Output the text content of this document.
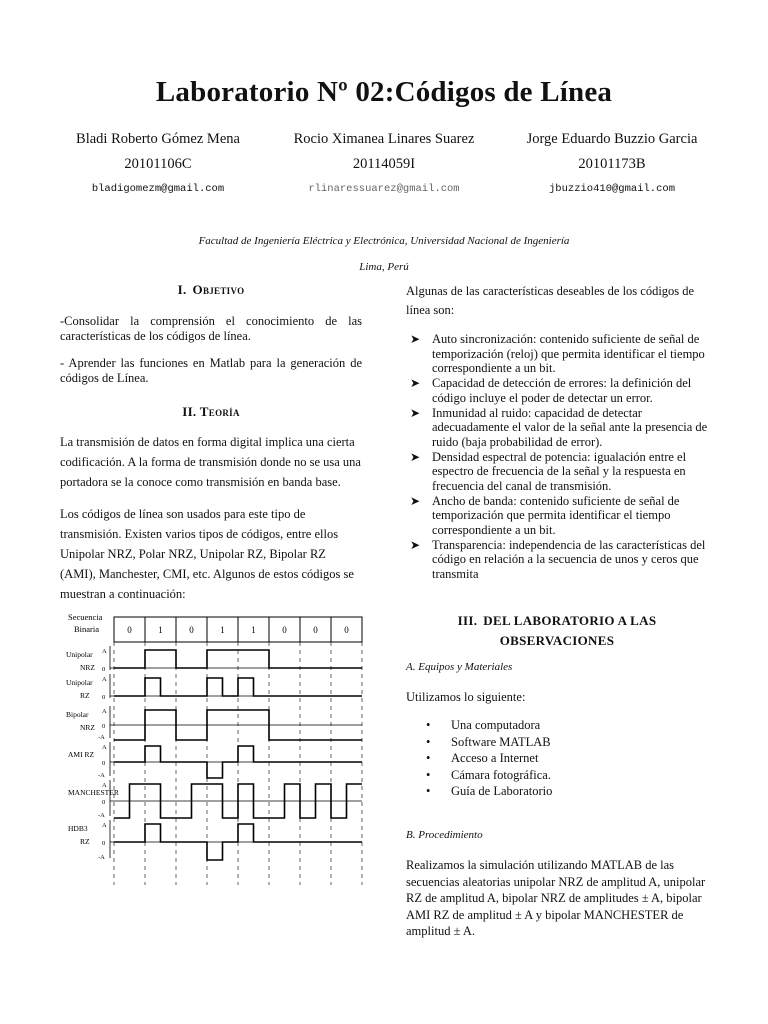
Laboratorio Nº 02:Códigos de Línea
Bladi Roberto Gómez Mena
20101106C
bladigomezm@gmail.com
Rocio Ximanea Linares Suarez
20114059I
rlinaressuarez@gmail.com
Jorge Eduardo Buzzio Garcia
20101173B
jbuzzio410@gmail.com
Facultad de Ingeniería Eléctrica y Electrónica, Universidad Nacional de Ingeniería
Lima, Perú
I. Objetivo

-Consolidar la comprensión el conocimiento de las características de los códigos de línea.

- Aprender las funciones en Matlab para la generación de códigos de Línea.

II. Teoría

La transmisión de datos en forma digital implica una cierta codificación. A la forma de transmisión donde no se usa una portadora se la conoce como transmisión en banda base.

Los códigos de línea son usados para este tipo de transmisión. Existen varios tipos de códigos, entre ellos Unipolar NRZ, Polar NRZ, Unipolar RZ, Bipolar RZ (AMI), Manchester, CMI, etc. Algunos de estos códigos se muestran a continuación:

Secuencia
Binaria	0	1	0	1	1	0	0	0
Unipolar
NRZ
A
0
Unipolar
RZ
A
0
Bipolar
NRZ
A
0
-A
AMI RZ
A
0
-A
MANCHESTER
A
0
-A
HDB3
RZ
A
0
-A

Algunas de las características deseables de los códigos de línea son:

➤ Auto sincronización: contenido suficiente de señal de temporización (reloj) que permita identificar el tiempo correspondiente a un bit.
➤ Capacidad de detección de errores: la definición del código incluye el poder de detectar un error.
➤ Inmunidad al ruido: capacidad de detectar adecuadamente el valor de la señal ante la presencia de ruido (baja probabilidad de error).
➤ Densidad espectral de potencia: igualación entre el espectro de frecuencia de la señal y la respuesta en frecuencia del canal de transmisión.
➤ Ancho de banda: contenido suficiente de señal de temporización que permita identificar el tiempo correspondiente a un bit.
➤ Transparencia: independencia de las características del código en relación a la secuencia de unos y ceros que transmita
III. DEL LABORATORIO A LAS OBSERVACIONES

A. Equipos y Materiales

Utilizamos lo siguiente:

• Una computadora
• Software MATLAB
• Acceso a Internet
• Cámara fotográfica.
• Guía de Laboratorio

B. Procedimiento

Realizamos la simulación utilizando MATLAB de las secuencias aleatorias unipolar NRZ de amplitud A, unipolar RZ de amplitud A, bipolar NRZ de amplitudes ± A, bipolar AMI RZ de amplitud ± A y bipolar MANCHESTER de amplitud ± A.
